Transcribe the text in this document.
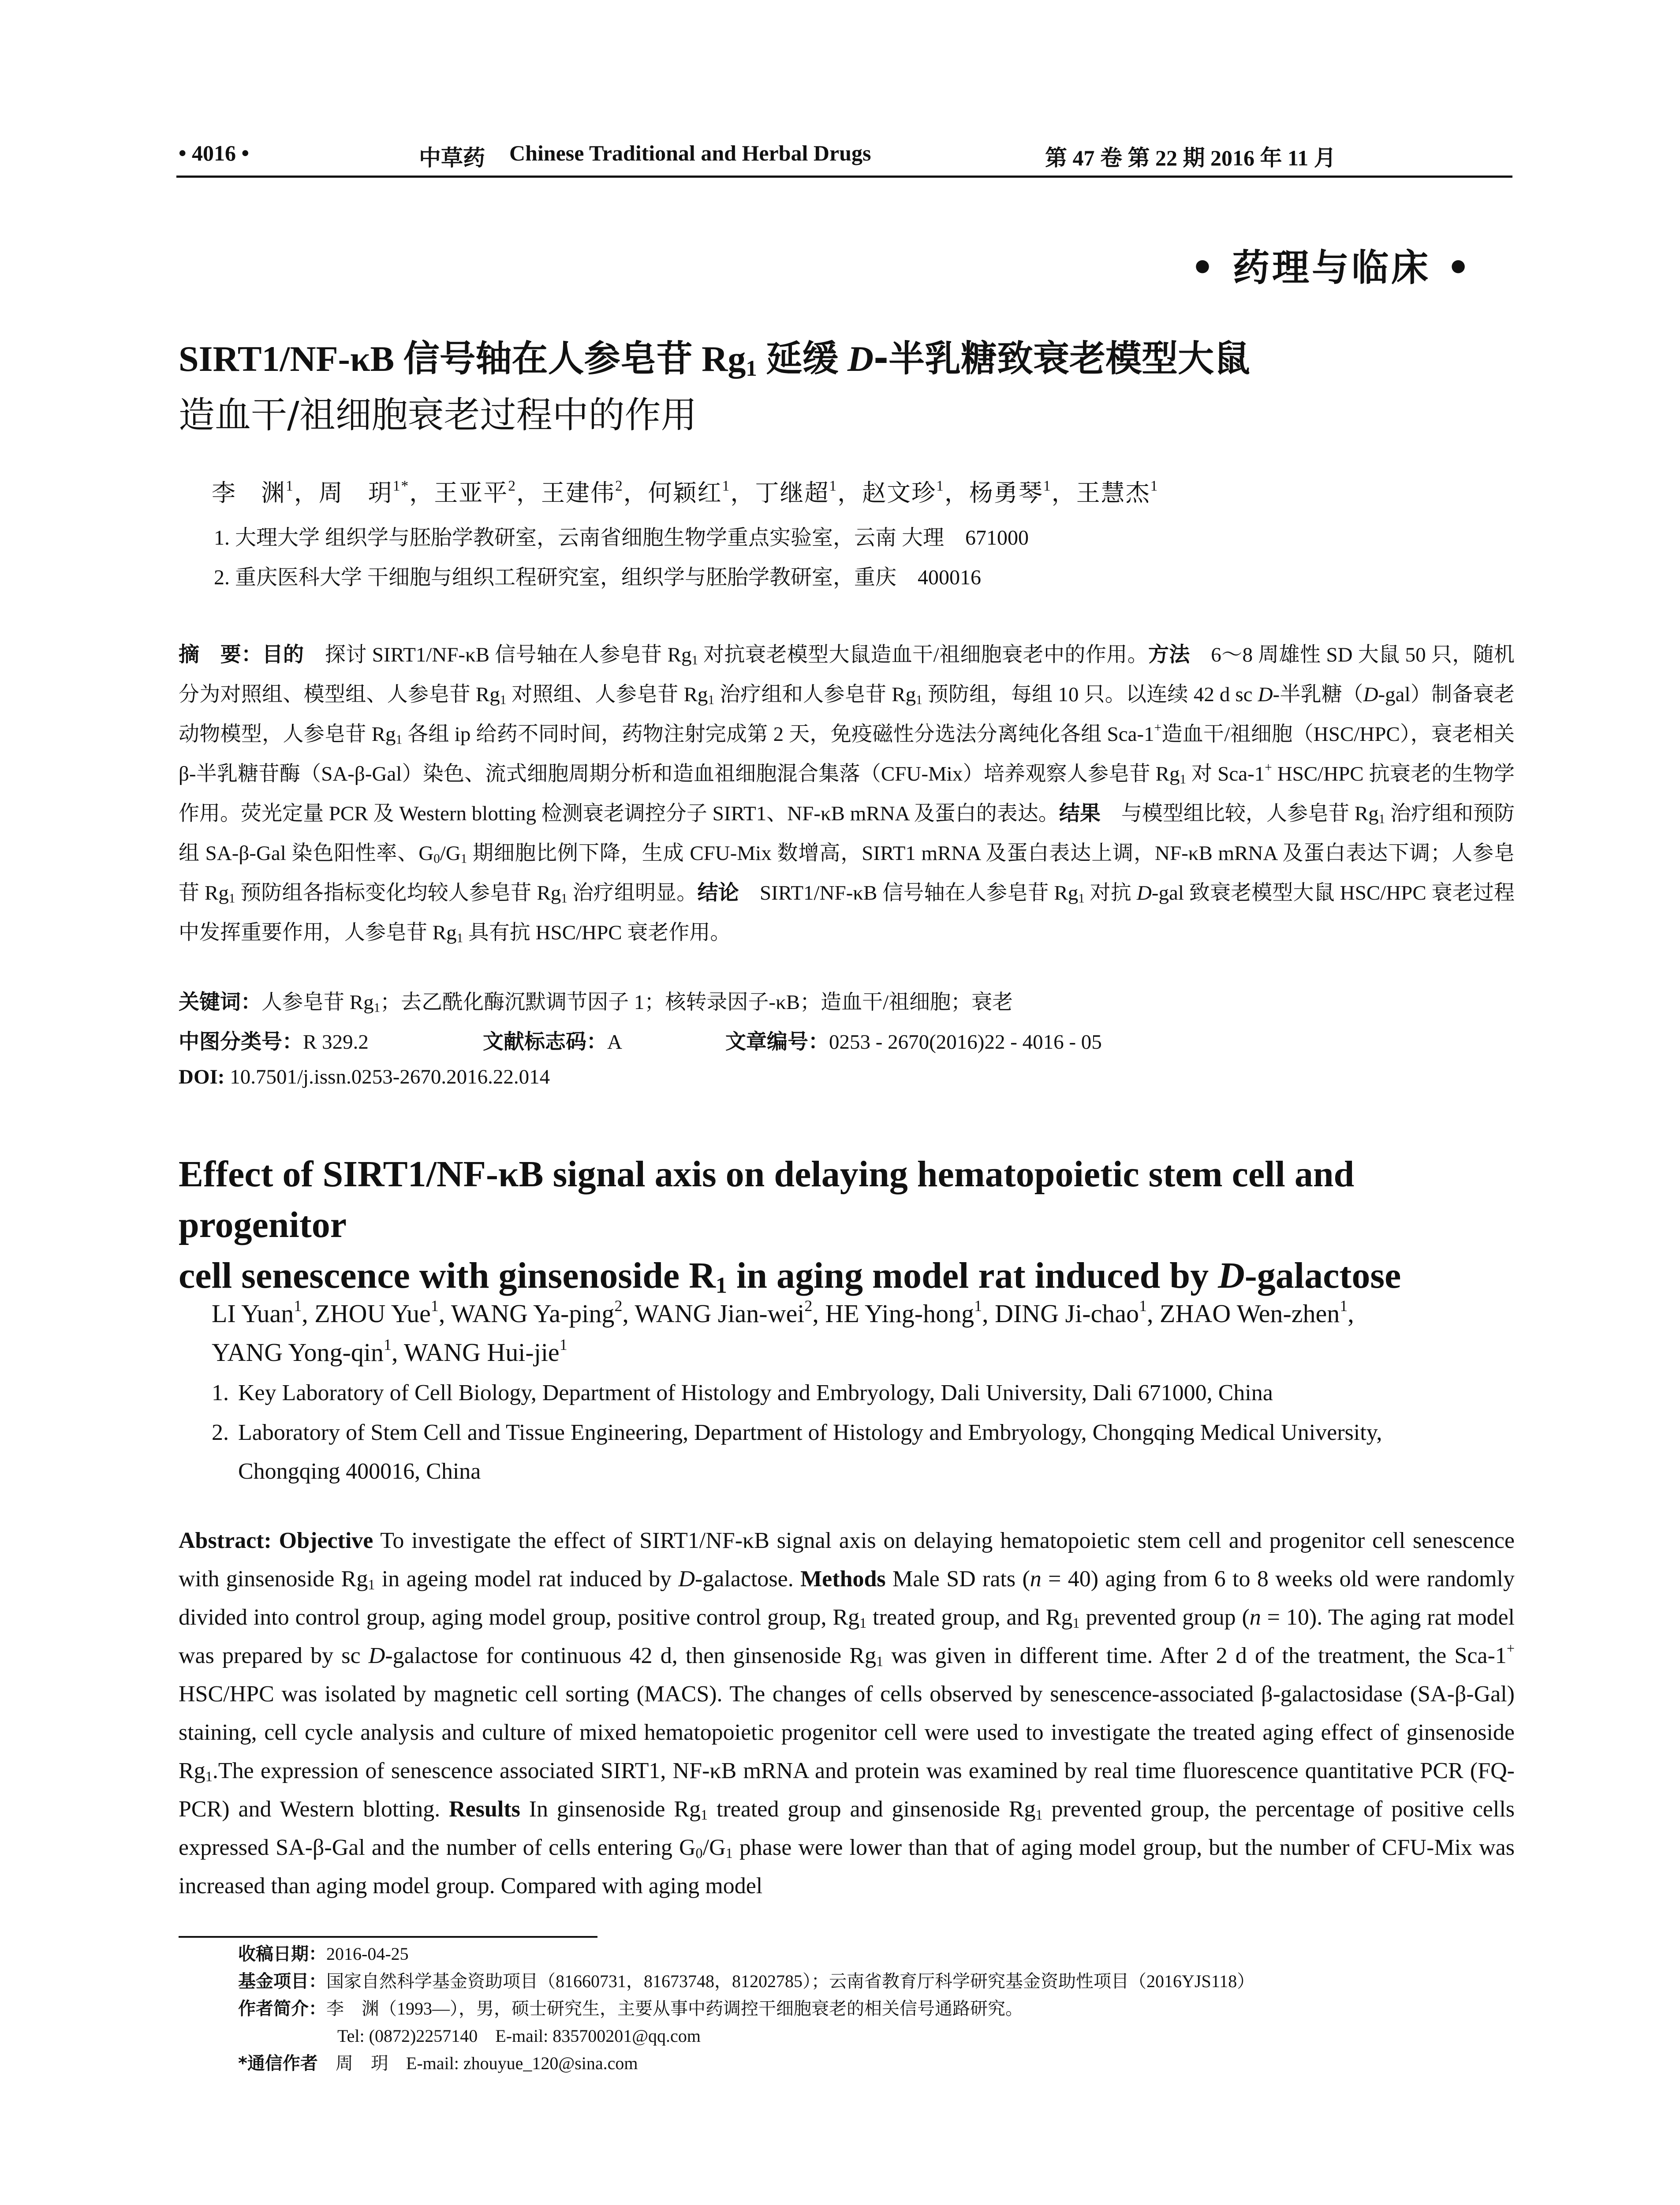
• 4016 •	中草药 Chinese Traditional and Herbal Drugs	第 47 卷 第 22 期 2016 年 11 月
• 药理与临床 •
SIRT1/NF-κB 信号轴在人参皂苷 $Rg_1$ 延缓 D-半乳糖致衰老模型大鼠
造血干/祖细胞衰老过程中的作用
李　渊$^1$，周　玥$^{1*}$，王亚平$^2$，王建伟$^2$，何颖红$^1$，丁继超$^1$，赵文珍$^1$，杨勇琴$^1$，王慧杰$^1$
1. 大理大学 组织学与胚胎学教研室，云南省细胞生物学重点实验室，云南 大理　671000
2. 重庆医科大学 干细胞与组织工程研究室，组织学与胚胎学教研室，重庆　400016
摘　要：目的　探讨 SIRT1/NF-κB 信号轴在人参皂苷 $Rg_1$ 对抗衰老模型大鼠造血干/祖细胞衰老中的作用。方法　6～8 周雄性 SD 大鼠 50 只，随机分为对照组、模型组、人参皂苷 $Rg_1$ 对照组、人参皂苷 $Rg_1$ 治疗组和人参皂苷 $Rg_1$ 预防组，每组 10 只。以连续 42 d sc D-半乳糖（D-gal）制备衰老动物模型，人参皂苷 $Rg_1$ 各组 ip 给药不同时间，药物注射完成第 2 天，免疫磁性分选法分离纯化各组 Sca-1+造血干/祖细胞（HSC/HPC），衰老相关 β-半乳糖苷酶（SA-β-Gal）染色、流式细胞周期分析和造血祖细胞混合集落（CFU-Mix）培养观察人参皂苷 $Rg_1$ 对 Sca-1+ HSC/HPC 抗衰老的生物学作用。荧光定量 PCR 及 Western blotting 检测衰老调控分子 SIRT1、NF-κB mRNA 及蛋白的表达。结果　与模型组比较，人参皂苷 $Rg_1$ 治疗组和预防组 SA-β-Gal 染色阳性率、$G_0/G_1$ 期细胞比例下降，生成 CFU-Mix 数增高，SIRT1 mRNA 及蛋白表达上调，NF-κB mRNA 及蛋白表达下调；人参皂苷 $Rg_1$ 预防组各指标变化均较人参皂苷 $Rg_1$ 治疗组明显。结论　SIRT1/NF-κB 信号轴在人参皂苷 $Rg_1$ 对抗 D-gal 致衰老模型大鼠 HSC/HPC 衰老过程中发挥重要作用，人参皂苷 $Rg_1$ 具有抗 HSC/HPC 衰老作用。
关键词：人参皂苷 $Rg_1$；去乙酰化酶沉默调节因子 1；核转录因子-κB；造血干/祖细胞；衰老
中图分类号：R 329.2	文献标志码：A	文章编号：0253 - 2670(2016)22 - 4016 - 05
DOI: 10.7501/j.issn.0253-2670.2016.22.014
Effect of SIRT1/NF-κB signal axis on delaying hematopoietic stem cell and progenitor
cell senescence with ginsenoside $R_1$ in aging model rat induced by D-galactose
LI Yuan$^1$, ZHOU Yue$^1$, WANG Ya-ping$^2$, WANG Jian-wei$^2$, HE Ying-hong$^1$, DING Ji-chao$^1$, ZHAO Wen-zhen$^1$,
YANG Yong-qin$^1$, WANG Hui-jie$^1$
1. Key Laboratory of Cell Biology, Department of Histology and Embryology, Dali University, Dali 671000, China
2. Laboratory of Stem Cell and Tissue Engineering, Department of Histology and Embryology, Chongqing Medical University,
Chongqing 400016, China
Abstract: Objective To investigate the effect of SIRT1/NF-κB signal axis on delaying hematopoietic stem cell and progenitor cell senescence with ginsenoside $Rg_1$ in ageing model rat induced by D-galactose. Methods Male SD rats (n = 40) aging from 6 to 8 weeks old were randomly divided into control group, aging model group, positive control group, $Rg_1$ treated group, and $Rg_1$ prevented group (n = 10). The aging rat model was prepared by sc D-galactose for continuous 42 d, then ginsenoside $Rg_1$ was given in different time. After 2 d of the treatment, the Sca-1+ HSC/HPC was isolated by magnetic cell sorting (MACS). The changes of cells observed by senescence-associated β-galactosidase (SA-β-Gal) staining, cell cycle analysis and culture of mixed hematopoietic progenitor cell were used to investigate the treated aging effect of ginsenoside $Rg_1.The$ expression of senescence associated SIRT1, NF-κB mRNA and protein was examined by real time fluorescence quantitative PCR (FQ-PCR) and Western blotting. Results In ginsenoside $Rg_1$ treated group and ginsenoside $Rg_1$ prevented group, the percentage of positive cells expressed SA-β-Gal and the number of cells entering $G_0/G_1$ phase were lower than that of aging model group, but the number of CFU-Mix was increased than aging model group. Compared with aging model
收稿日期：2016-04-25
基金项目：国家自然科学基金资助项目（81660731，81673748，81202785）；云南省教育厅科学研究基金资助性项目（2016YJS118）
作者简介：李　渊（1993—），男，硕士研究生，主要从事中药调控干细胞衰老的相关信号通路研究。
Tel: (0872)2257140　E-mail: 835700201@qq.com
*通信作者　周　玥　E-mail: zhouyue_120@sina.com
